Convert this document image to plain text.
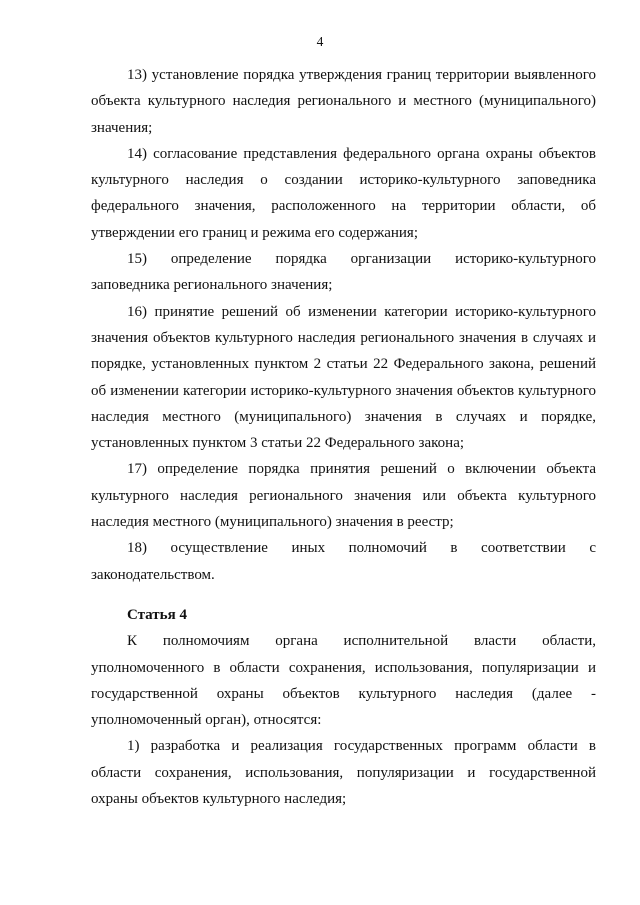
4

13) установление порядка утверждения границ территории выявленного объекта культурного наследия регионального и местного (муниципального) значения;

14) согласование представления федерального органа охраны объектов культурного наследия о создании историко-культурного заповедника федерального значения, расположенного на территории области, об утверждении его границ и режима его содержания;

15) определение порядка организации историко-культурного заповедника регионального значения;

16) принятие решений об изменении категории историко-культурного значения объектов культурного наследия регионального значения в случаях и порядке, установленных пунктом 2 статьи 22 Федерального закона, решений об изменении категории историко-культурного значения объектов культурного наследия местного (муниципального) значения в случаях и порядке, установленных пунктом 3 статьи 22 Федерального закона;

17) определение порядка принятия решений о включении объекта культурного наследия регионального значения или объекта культурного наследия местного (муниципального) значения в реестр;

18) осуществление иных полномочий в соответствии с законодательством.

Статья 4

К полномочиям органа исполнительной власти области, уполномоченного в области сохранения, использования, популяризации и государственной охраны объектов культурного наследия (далее - уполномоченный орган), относятся:

1) разработка и реализация государственных программ области в области сохранения, использования, популяризации и государственной охраны объектов культурного наследия;
